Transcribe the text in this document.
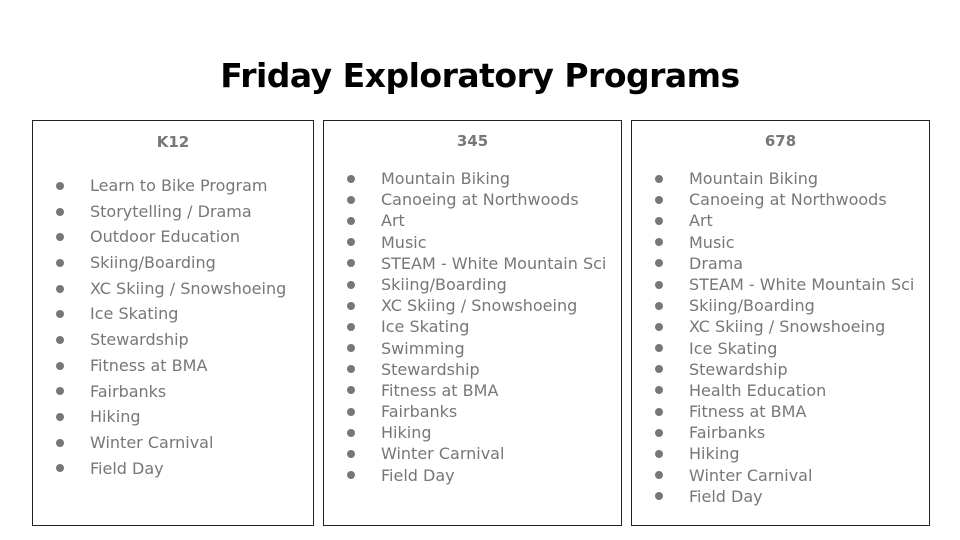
Friday Exploratory Programs
K12
Learn to Bike Program
Storytelling / Drama
Outdoor Education
Skiing/Boarding
XC Skiing / Snowshoeing
Ice Skating
Stewardship
Fitness at BMA
Fairbanks
Hiking
Winter Carnival
Field Day
345
Mountain Biking
Canoeing at Northwoods
Art
Music
STEAM - White Mountain Sci
Skiing/Boarding
XC Skiing / Snowshoeing
Ice Skating
Swimming
Stewardship
Fitness at BMA
Fairbanks
Hiking
Winter Carnival
Field Day
678
Mountain Biking
Canoeing at Northwoods
Art
Music
Drama
STEAM - White Mountain Sci
Skiing/Boarding
XC Skiing / Snowshoeing
Ice Skating
Stewardship
Health Education
Fitness at BMA
Fairbanks
Hiking
Winter Carnival
Field Day
